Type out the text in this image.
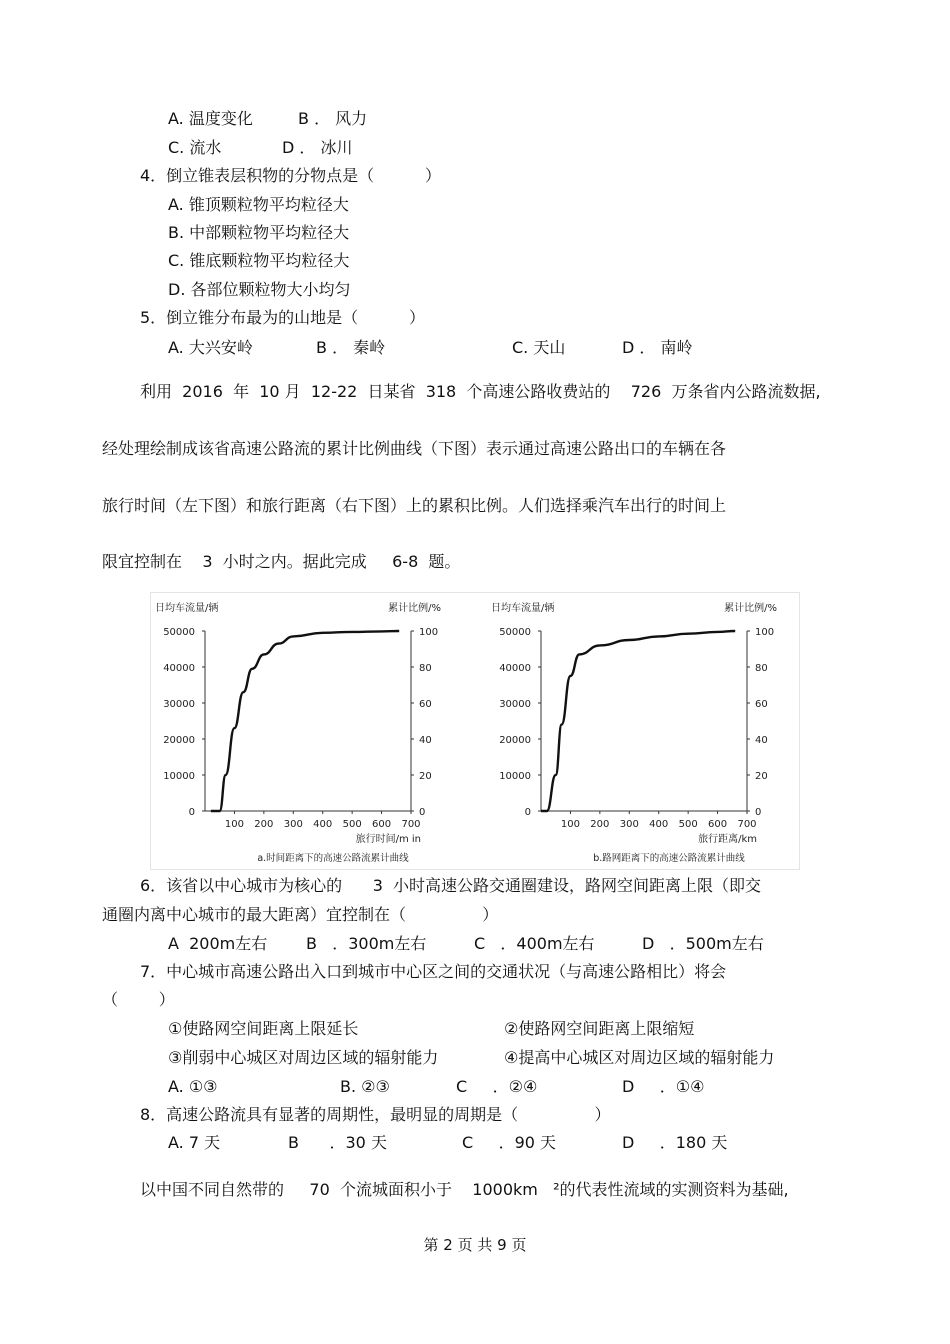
A. 温度变化	B ． 风力
C. 流水	D ． 冰川
4．倒立锥表层积物的分物点是（          ）
A. 锥顶颗粒物平均粒径大
B. 中部颗粒物平均粒径大
C. 锥底颗粒物平均粒径大
D. 各部位颗粒物大小均匀
5．倒立锥分布最为的山地是（          ）
A. 大兴安岭	B ． 秦岭	C. 天山	D ． 南岭
利用  2016  年  10 月  12-22  日某省  318  个高速公路收费站的    726  万条省内公路流数据,
经处理绘制成该省高速公路流的累计比例曲线（下图）表示通过高速公路出口的车辆在各
旅行时间（左下图）和旅行距离（右下图）上的累积比例。人们选择乘汽车出行的时间上
限宜控制在    3  小时之内。据此完成     6-8  题。
日均车流量/辆	累计比例/%
0
10000
20000
30000
40000
50000
0
20
40
60
80
100
100 200 300 400 500 600 700
旅行时间/m in
a.时间距离下的高速公路流累计曲线
日均车流量/辆	累计比例/%
0
10000
20000
30000
40000
50000
0
20
40
60
80
100
100 200 300 400 500 600 700
旅行距离/km
b.路网距离下的高速公路流累计曲线
6．该省以中心城市为核心的      3  小时高速公路交通圈建设，路网空间距离上限（即交
通圈内离中心城市的最大距离）宜控制在（               ）
A  200m左右 B   ．300m左右	C   ．400m左右	D   ．500m左右
7．中心城市高速公路出入口到城市中心区之间的交通状况（与高速公路相比）将会
（        ）
①使路网空间距离上限延长	②使路网空间距离上限缩短
③削弱中心城区对周边区域的辐射能力	④提高中心城区对周边区域的辐射能力
A. ①③	B. ②③	C     ．②④	D     ．①④
8．高速公路流具有显著的周期性，最明显的周期是（               ）
A. 7 天	B      ．30 天	C     ．90 天	D     ．180 天
以中国不同自然带的     70  个流城面积小于    1000km   ²的代表性流域的实测资料为基础,
第 2 页 共 9 页
